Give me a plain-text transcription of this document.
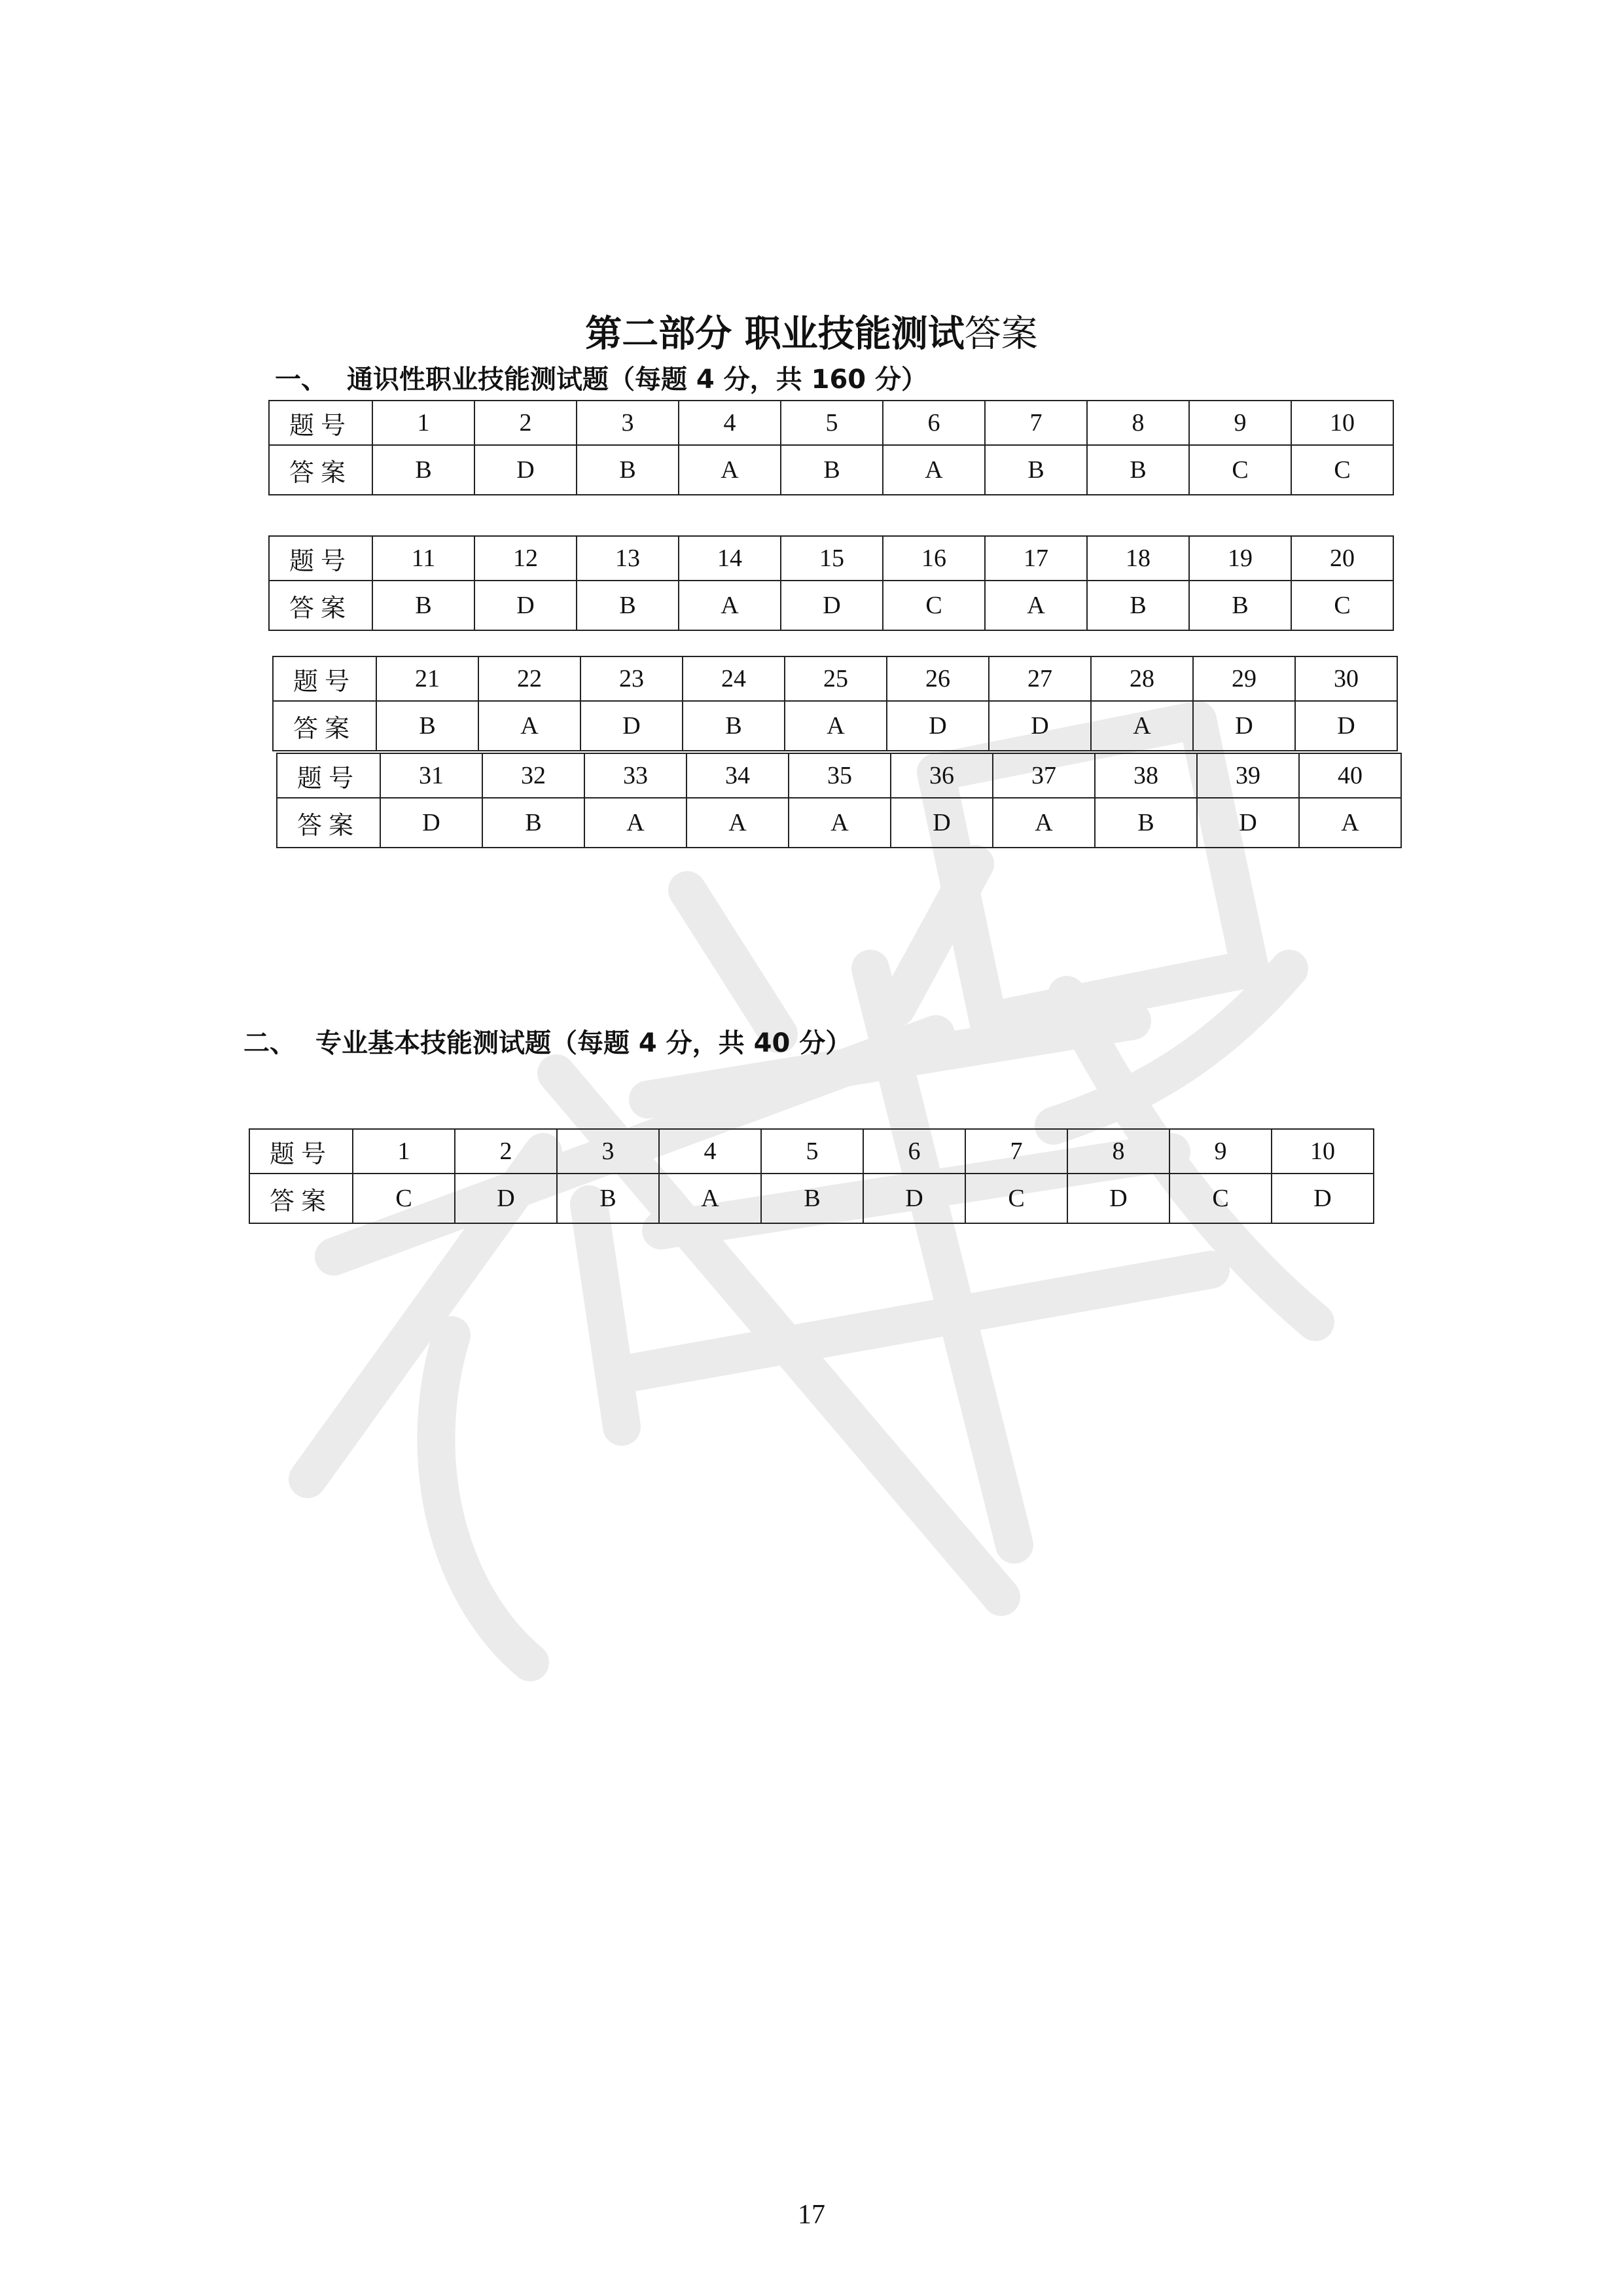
第二部分 职业技能测试答案
一、 通识性职业技能测试题（每题 4 分，共 160 分）
题号	1	2	3	4	5	6	7	8	9	10
答案	B	D	B	A	B	A	B	B	C	C
题号	11	12	13	14	15	16	17	18	19	20
答案	B	D	B	A	D	C	A	B	B	C
题号	21	22	23	24	25	26	27	28	29	30
答案	B	A	D	B	A	D	D	A	D	D
题号	31	32	33	34	35	36	37	38	39	40
答案	D	B	A	A	A	D	A	B	D	A
二、 专业基本技能测试题（每题 4 分，共 40 分）
题号	1	2	3	4	5	6	7	8	9	10
答案	C	D	B	A	B	D	C	D	C	D
17
